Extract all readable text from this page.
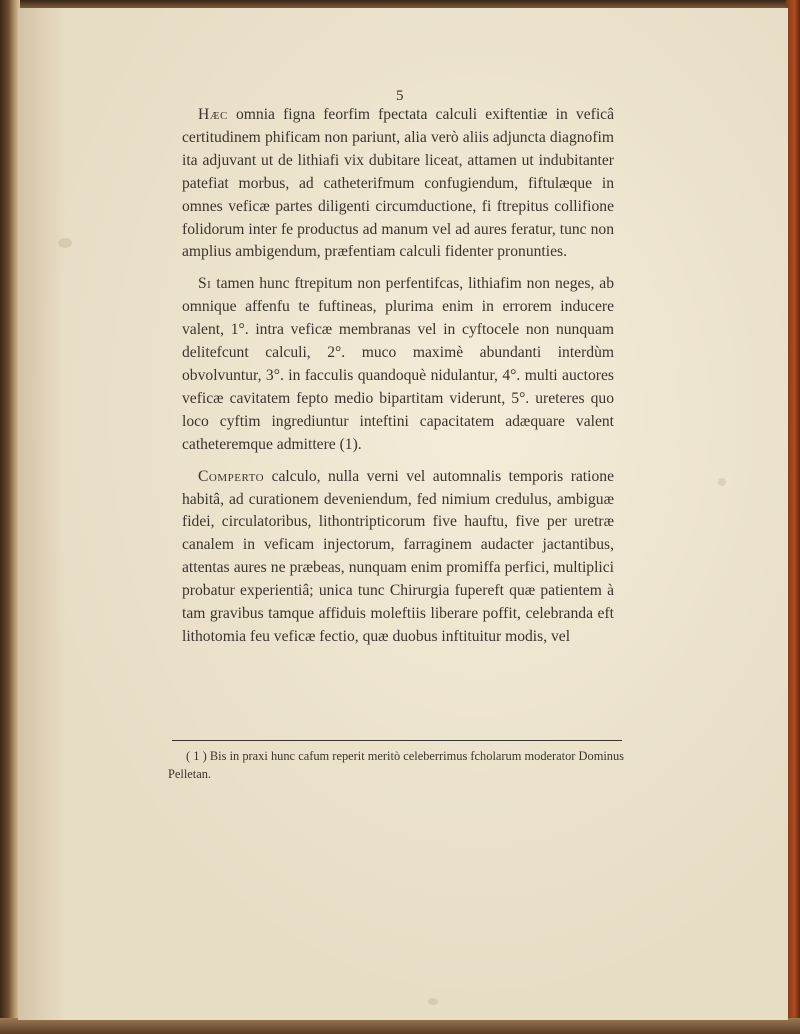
5

Hæc omnia figna feorfim fpectata calculi exiftentiæ in veficâ certitudinem phificam non pariunt, alia verò aliis adjuncta diagnofim ita adjuvant ut de lithiafi vix dubitare liceat, attamen ut indubitanter patefiat morbus, ad catheterifmum confugiendum, fiftulæque in omnes veficæ partes diligenti circumductione, fi ftrepitus collifione folidorum inter fe productus ad manum vel ad aures feratur, tunc non amplius ambigendum, præfentiam calculi fidenter pronunties.

Si tamen hunc ftrepitum non perfentifcas, lithiafim non neges, ab omnique affenfu te fuftineas, plurima enim in errorem inducere valent, 1°. intra veficæ membranas vel in cyftocele non nunquam delitefcunt calculi, 2°. muco maximè abundanti interdùm obvolvuntur, 3°. in facculis quandoquè nidulantur, 4°. multi auctores veficæ cavitatem fepto medio bipartitam viderunt, 5°. ureteres quo loco cyftim ingrediuntur inteftini capacitatem adæquare valent catheteremque admittere (1).

Comperto calculo, nulla verni vel automnalis temporis ratione habitâ, ad curationem deveniendum, fed nimium credulus, ambiguæ fidei, circulatoribus, lithontripticorum five hauftu, five per uretræ canalem in veficam injectorum, farraginem audacter jactantibus, attentas aures ne præbeas, nunquam enim promiffa perfici, multiplici probatur experientiâ; unica tunc Chirurgia fupereft quæ patientem à tam gravibus tamque affiduis moleftiis liberare poffit, celebranda eft lithotomia feu veficæ fectio, quæ duobus inftituitur modis, vel

( 1 ) Bis in praxi hunc cafum reperit meritò celeberrimus fcholarum moderator Dominus Pelletan.
